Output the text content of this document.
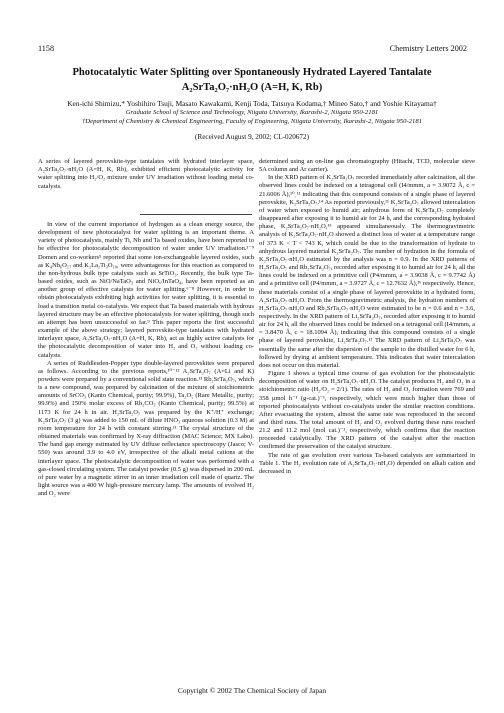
1158	Chemistry Letters 2002
Photocatalytic Water Splitting over Spontaneously Hydrated Layered Tantalate
A₂SrTa₂O₇·nH₂O (A=H, K, Rb)
Ken-ichi Shimizu,* Yoshihiro Tsuji, Masato Kawakami, Kenji Toda, Tatsuya Kodama,† Mineo Sato,† and Yoshie Kitayama†
Graduate School of Science and Technology, Niigata University, Ikarashi-2, Niigata 950-2181
†Department of Chemistry & Chemical Engineering, Faculty of Engineering, Niigata University, Ikarashi-2, Niigata 950-2181
(Received August 9, 2002; CL-020672)

A series of layered perovskite-type tantalates with hydrated interlayer space, A₂SrTa₂O₇·nH₂O (A=H, K, Rb), exhibited efficient photocatalytic activity for water splitting into H₂/O₂ mixture under UV irradiation without loading metal co-catalysts.

In view of the current importance of hydrogen as a clean energy source, the development of new photocatalyst for water splitting is an important theme. A variety of photocatalysts, mainly Ti, Nb and Ta based oxides, have been reported to be effective for photocatalytic decomposition of water under UV irradiation.¹⁻⁹ Domen and co-workers⁵ reported that some ion-exchangeable layered oxides, such as K₄Nb₆O₁₇ and K₂La₂Ti₃O₁₀, were advantageous for this reaction as compared to the non-hydrous bulk type catalysts such as SrTiO₃. Recently, the bulk type Ta-based oxides, such as NiO/NaTaO₃ and NiOₓ/InTaO₄, have been reported as an another group of effective catalysts for water splitting.⁶⁻⁸ However, in order to obtain photocatalysts exhibiting high activities for water splitting, it is essential to load a transition metal co-catalysts. We expect that Ta based materials with hydrous layered structure may be an effective photocatalysts for water splitting, though such an attempt has been unsuccessful so far.⁹ This paper reports the first successful example of the above strategy; layered perovskite-type tantalates with hydrated interlayer space, A₂SrTa₂O₇·nH₂O (A=H, K, Rb), act as highly active catalysts for the photocatalytic decomposition of water into H₂ and O₂ without loading co-catalysts.

A series of Ruddlesden-Popper type double-layered perovskites were prepared as follows. According to the previous reports,¹⁰⁻¹² A₂SrTa₂O₇ (A=Li and K) powders were prepared by a conventional solid state reaction.¹³ Rb₂SrTa₂O₇, which is a new compound, was prepared by calcination of the mixture of stoichiometric amounts of SrCO₃ (Kanto Chemical, purity; 99.9%), Ta₂O₅ (Rare Metallic, purity; 99.9%) and 150% molar excess of Rb₂CO₃ (Kanto Chemical, purity; 99.5%) at 1173 K for 24 h in air. H₂SrTa₂O₇ was prepared by the K⁺/H⁺ exchange; K₂SrTa₂O₇ (3 g) was added to 150 mL of dilute HNO₃ aqueous solution (0.3 M) at room temperature for 24 h with constant stirring.¹¹ The crystal structure of the obtained materials was confirmed by X-ray diffraction (MAC Science; MX Labo). The band gap energy estimated by UV diffuse reflectance spectroscopy (Jasco; V-550) was around 3.9 to 4.0 eV, irrespective of the alkali metal cations at the interlayer space. The photocatalytic decomposition of water was performed with a gas-closed circulating system. The catalyst powder (0.5 g) was dispersed in 200 mL of pure water by a magnetic stirrer in an inner irradiation cell made of quartz. The light source was a 400 W high-pressure mercury lamp. The amounts of evolved H₂ and O₂ were

determined using an on-line gas chromatography (Hitachi, TCD, molecular sieve 5A column and Ar carrier).

In the XRD pattern of K₂SrTa₂O₇ recorded immediately after calcination, all the observed lines could be indexed on a tetragonal cell (I4/mmm, a = 3.9072 Å, c = 21.6006 Å),¹⁰ˌ¹¹ indicating that this compound consists of a single phase of layered perovskite, K₂SrTa₂O₇.¹⁴ As reported previously,¹¹ K₂SrTa₂O₇ allowed intercalation of water when exposed to humid air; anhydrous form of K₂SrTa₂O₇ completely disappeared after exposing it to humid air for 24 h, and the corresponding hydrated phase, K₂SrTa₂O₇·nH₂O,¹⁵ appeared simultaneously. The thermogravimetric analysis of K₂SrTa₂O₇·nH₂O showed a distinct loss of water at a temperature range of 373 K < T < 743 K, which could be due to the transformation of hydrate to anhydrous layered material K₂SrTa₂O₇. The number of hydration in the formula of K₂SrTa₂O₇·nH₂O estimated by the analysis was n = 0.9. In the XRD patterns of H₂SrTa₂O₇ and Rb₂SrTa₂O₇, recorded after exposing it to humid air for 24 h, all the lines could be indexed on a primitive cell (P4/mmm, a = 3.9038 Å, c = 9.7742 Å) and a primitive cell (P4/mmm, a = 3.9727 Å, c = 12.7632 Å),¹⁶ respectively. Hence, these materials consist of a single phase of layered perovskite in a hydrated form, A₂SrTa₂O₇·nH₂O. From the thermogravimetric analysis, the hydration numbers of H₂SrTa₂O₇·nH₂O and Rb₂SrTa₂O₇·nH₂O were estimated to be n = 0.6 and n = 3.6, respectively. In the XRD pattern of Li₂SrTa₂O₇, recorded after exposing it to humid air for 24 h, all the observed lines could be indexed on a tetragonal cell (I4/mmm, a = 3.8470 Å, c = 18.1094 Å), indicating that this compound consists of a single phase of layered perovskite, Li₂SrTa₂O₇.¹² The XRD pattern of Li₂SrTa₂O₇ was essentially the same after the dispersion of the sample to the distilled water for 6 h, followed by drying at ambient temperature. This indicates that water intercalation does not occur on this material.

Figure 1 shows a typical time course of gas evolution for the photocatalytic decomposition of water on H₂SrTa₂O₇·nH₂O. The catalyst produces H₂ and O₂ in a stoichiometric ratio (H₂/O₂ = 2/1). The rates of H₂ and O₂ formation were 769 and 358 μmol h⁻¹ (g-cat.)⁻¹, respectively, which were much higher than those of reported photocatalysts without co-catalysts under the similar reaction conditions. After evacuating the system, almost the same rate was reproduced in the second and third runs. The total amount of H₂ and O₂ evolved during these runs reached 21.2 and 11.2 mol (mol cat.)⁻¹, respectively, which confirms that the reaction proceeded catalytically. The XRD pattern of the catalyst after the reaction confirmed the preservation of the catalyst structure.

The rate of gas evolution over various Ta-based catalysts are summarized in Table 1. The H₂ evolution rate of A₂SrTa₂O₇·nH₂O) depended on alkali cation and decreased in

Copyright © 2002 The Chemical Society of Japan
